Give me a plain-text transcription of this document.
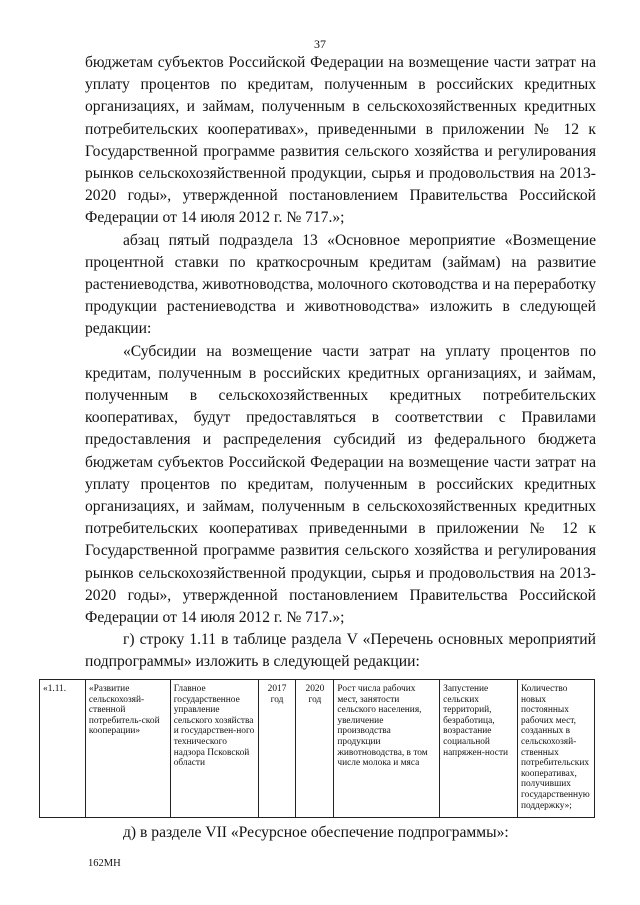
37

бюджетам субъектов Российской Федерации на возмещение части затрат на уплату процентов по кредитам, полученным в российских кредитных организациях, и займам, полученным в сельскохозяйственных кредитных потребительских кооперативах», приведенными в приложении № 12 к Государственной программе развития сельского хозяйства и регулирования рынков сельскохозяйственной продукции, сырья и продовольствия на 2013-2020 годы», утвержденной постановлением Правительства Российской Федерации от 14 июля 2012 г. № 717.»;

абзац пятый подраздела 13 «Основное мероприятие «Возмещение процентной ставки по краткосрочным кредитам (займам) на развитие растениеводства, животноводства, молочного скотоводства и на переработку продукции растениеводства и животноводства» изложить в следующей редакции:

«Субсидии на возмещение части затрат на уплату процентов по кредитам, полученным в российских кредитных организациях, и займам, полученным в сельскохозяйственных кредитных потребительских кооперативах, будут предоставляться в соответствии с Правилами предоставления и распределения субсидий из федерального бюджета бюджетам субъектов Российской Федерации на возмещение части затрат на уплату процентов по кредитам, полученным в российских кредитных организациях, и займам, полученным в сельскохозяйственных кредитных потребительских кооперативах приведенными в приложении № 12 к Государственной программе развития сельского хозяйства и регулирования рынков сельскохозяйственной продукции, сырья и продовольствия на 2013-2020 годы», утвержденной постановлением Правительства Российской Федерации от 14 июля 2012 г. № 717.»;

г) строку 1.11 в таблице раздела V «Перечень основных мероприятий подпрограммы» изложить в следующей редакции:

«1.11.	«Развитие сельскохозяй-ственной потребитель-ской кооперации»	Главное государственное управление сельского хозяйства и государствен-ного технического надзора Псковской области	2017 год	2020 год	Рост числа рабочих мест, занятости сельского населения, увеличение производства продукции животноводства, в том числе молока и мяса	Запустение сельских территорий, безработица, возрастание социальной напряжен-ности	Количество новых постоянных рабочих мест, созданных в сельскохозяй-ственных потребительских кооперативах, получивших государственную поддержку»;
д) в разделе VII «Ресурсное обеспечение подпрограммы»:
162МН
